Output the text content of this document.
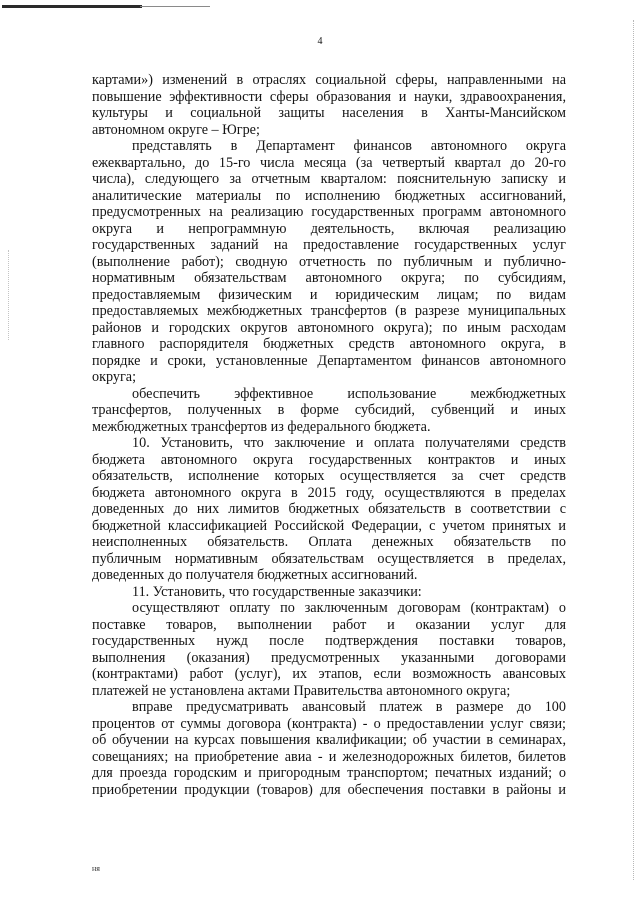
4
картами») изменений в отраслях социальной сферы, направленными на
повышение эффективности сферы образования и науки, здравоохранения,
культуры и социальной защиты населения в Ханты-Мансийском
автономном округе – Югре;
представлять в Департамент финансов автономного округа
ежеквартально, до 15-го числа месяца (за четвертый квартал до 20-го
числа), следующего за отчетным кварталом: пояснительную записку и
аналитические материалы по исполнению бюджетных ассигнований,
предусмотренных на реализацию государственных программ автономного
округа и непрограммную деятельность, включая реализацию
государственных заданий на предоставление государственных услуг
(выполнение работ); сводную отчетность по публичным и публично-
нормативным обязательствам автономного округа; по субсидиям,
предоставляемым физическим и юридическим лицам; по видам
предоставляемых межбюджетных трансфертов (в разрезе муниципальных
районов и городских округов автономного округа); по иным расходам
главного распорядителя бюджетных средств автономного округа, в
порядке и сроки, установленные Департаментом финансов автономного
округа;
обеспечить эффективное использование межбюджетных
трансфертов, полученных в форме субсидий, субвенций и иных
межбюджетных трансфертов из федерального бюджета.
10. Установить, что заключение и оплата получателями средств
бюджета автономного округа государственных контрактов и иных
обязательств, исполнение которых осуществляется за счет средств
бюджета автономного округа в 2015 году, осуществляются в пределах
доведенных до них лимитов бюджетных обязательств в соответствии с
бюджетной классификацией Российской Федерации, с учетом принятых и
неисполненных обязательств. Оплата денежных обязательств по
публичным нормативным обязательствам осуществляется в пределах,
доведенных до получателя бюджетных ассигнований.
11. Установить, что государственные заказчики:
осуществляют оплату по заключенным договорам (контрактам) о
поставке товаров, выполнении работ и оказании услуг для
государственных нужд после подтверждения поставки товаров,
выполнения (оказания) предусмотренных указанными договорами
(контрактами) работ (услуг), их этапов, если возможность авансовых
платежей не установлена актами Правительства автономного округа;
вправе предусматривать авансовый платеж в размере до 100
процентов от суммы договора (контракта) - о предоставлении услуг связи;
об обучении на курсах повышения квалификации; об участии в семинарах,
совещаниях; на приобретение авиа - и железнодорожных билетов, билетов
для проезда городским и пригородным транспортом; печатных изданий; о
приобретении продукции (товаров) для обеспечения поставки в районы и
ня
